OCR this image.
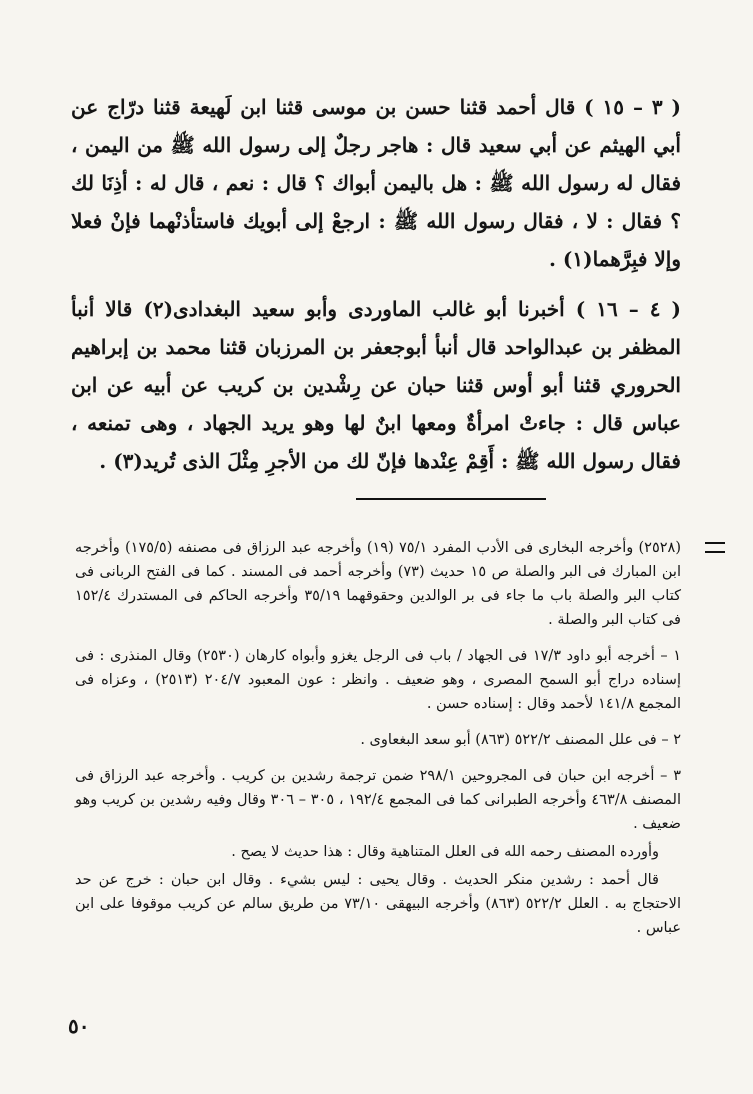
( ٣ – ١٥ ) قال أحمد قثنا حسن بن موسى قثنا ابن لَهيعة قثنا درّاج عن أبي الهيثم عن أبي سعيد قال : هاجر رجلٌ إلى رسول الله ﷺ من اليمن ، فقال له رسول الله ﷺ : هل باليمن أبواك ؟ قال : نعم ، قال له : أذِنَا لك ؟ فقال : لا ، فقال رسول الله ﷺ : ارجعْ إلى أبويك فاستأذنْهما فإنْ فعلا وإلا فبِرَّهما(١) .

( ٤ – ١٦ ) أخبرنا أبو غالب الماوردى وأبو سعيد البغدادى(٢) قالا أنبأ المظفر بن عبدالواحد قال أنبأ أبوجعفر بن المرزبان قثنا محمد بن إبراهيم الحروري قثنا أبو أوس قثنا حبان عن رِشْدين بن كريب عن أبيه عن ابن عباس قال : جاءتْ امرأةٌ ومعها ابنٌ لها وهو يريد الجهاد ، وهى تمنعه ، فقال رسول الله ﷺ : أَقِمْ عِنْدها فإنّ لك من الأجرِ مِثْلَ الذى تُريد(٣) .

(٢٥٢٨) وأخرجه البخارى فى الأدب المفرد ٧٥/١ (١٩) وأخرجه عبد الرزاق فى مصنفه (١٧٥/٥) وأخرجه ابن المبارك فى البر والصلة ص ١٥ حديث (٧٣) وأخرجه أحمد فى المسند . كما فى الفتح الربانى فى كتاب البر والصلة باب ما جاء فى بر الوالدين وحقوقهما ٣٥/١٩ وأخرجه الحاكم فى المستدرك ١٥٢/٤ فى كتاب البر والصلة .

١ – أخرجه أبو داود ١٧/٣ فى الجهاد / باب فى الرجل يغزو وأبواه كارهان (٢٥٣٠) وقال المنذرى : فى إسناده دراج أبو السمح المصرى ، وهو ضعيف . وانظر : عون المعبود ٢٠٤/٧ (٢٥١٣) ، وعزاه فى المجمع ١٤١/٨ لأحمد وقال : إسناده حسن .

٢ – فى علل المصنف ٥٢٢/٢ (٨٦٣) أبو سعد البغعاوى .

٣ – أخرجه ابن حبان فى المجروحين ٢٩٨/١ ضمن ترجمة رشدين بن كريب . وأخرجه عبد الرزاق فى المصنف ٤٦٣/٨ وأخرجه الطبرانى كما فى المجمع ١٩٢/٤ ، ٣٠٥ – ٣٠٦ وقال وفيه رشدين بن كريب وهو ضعيف .

وأورده المصنف رحمه الله فى العلل المتناهية وقال : هذا حديث لا يصح .

قال أحمد : رشدين منكر الحديث . وقال يحيى : ليس بشيء . وقال ابن حبان : خرج عن حد الاحتجاج به . العلل ٥٢٢/٢ (٨٦٣) وأخرجه البيهقى ٧٣/١٠ من طريق سالم عن كريب موقوفا على ابن عباس .

٥٠
